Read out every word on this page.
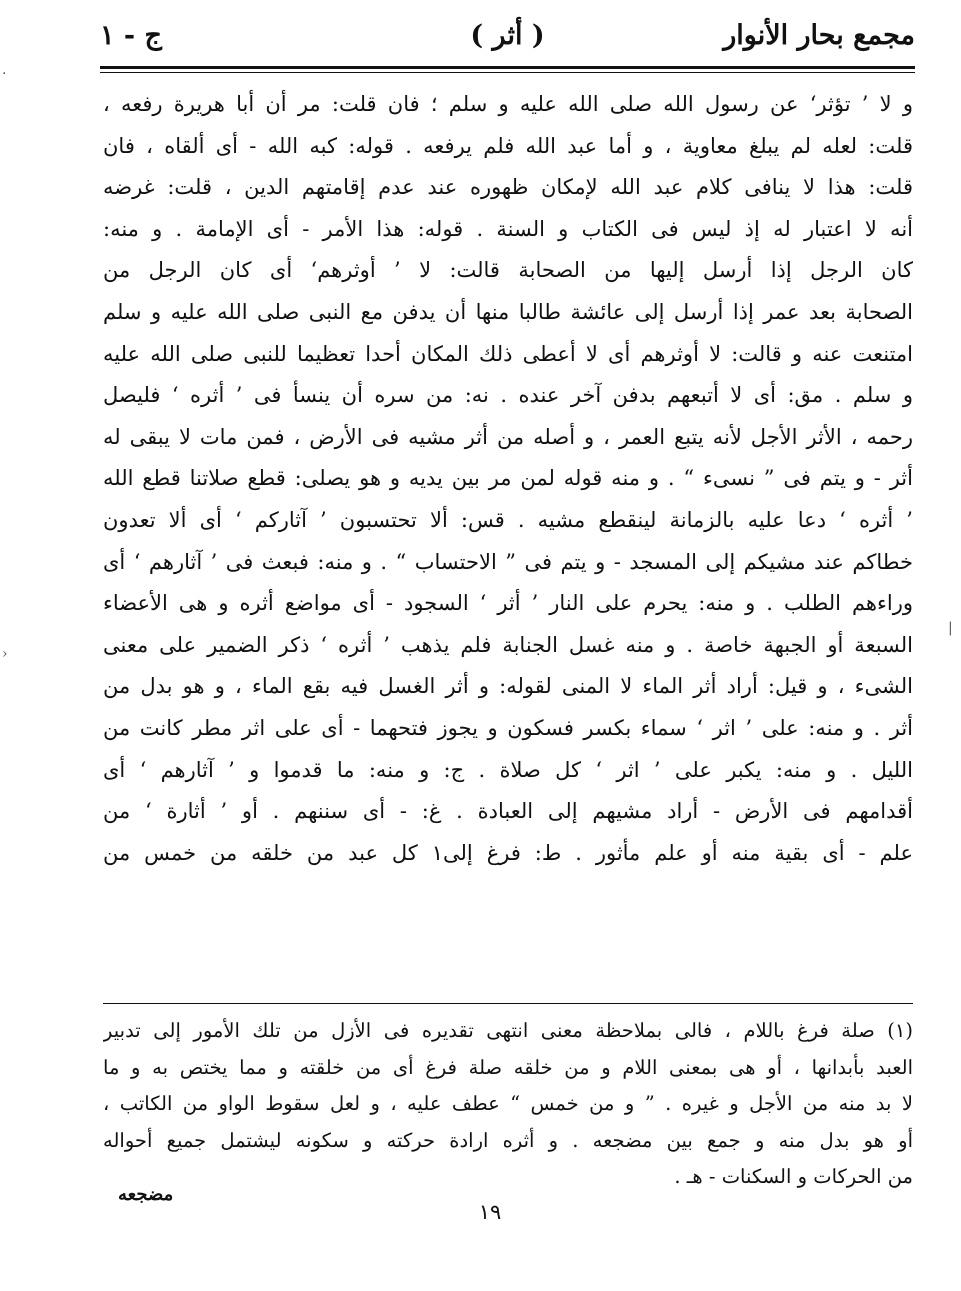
مجمع بحار الأنوار
( أثر )
ج - ١
و لا ’ تؤثر‘ عن رسول الله صلى الله عليه و سلم ؛ فان قلت: مر أن أبا هريرة رفعه ،
قلت: لعله لم يبلغ معاوية ، و أما عبد الله فلم يرفعه . قوله: كبه الله - أى ألقاه ، فان
قلت: هذا لا ينافى كلام عبد الله لإمكان ظهوره عند عدم إقامتهم الدين ، قلت: غرضه
أنه لا اعتبار له إذ ليس فى الكتاب و السنة . قوله: هذا الأمر - أى الإمامة . و منه:
كان الرجل إذا أرسل إليها من الصحابة قالت: لا ’ أوثرهم‘ أى كان الرجل من
الصحابة بعد عمر إذا أرسل إلى عائشة طالبا منها أن يدفن مع النبى صلى الله عليه و سلم
امتنعت عنه و قالت: لا أوثرهم أى لا أعطى ذلك المكان أحدا تعظيما للنبى صلى الله عليه
و سلم . مق: أى لا أتبعهم بدفن آخر عنده . نه: من سره أن ينسأ فى ’ أثره ‘ فليصل
رحمه ، الأثر الأجل لأنه يتبع العمر ، و أصله من أثر مشيه فى الأرض ، فمن مات لا يبقى له
أثر - و يتم فى ” نسىء “ . و منه قوله لمن مر بين يديه و هو يصلى: قطع صلاتنا قطع الله
’ أثره ‘ دعا عليه بالزمانة لينقطع مشيه . قس: ألا تحتسبون ’ آثاركم ‘ أى ألا تعدون
خطاكم عند مشيكم إلى المسجد - و يتم فى ” الاحتساب “ . و منه: فبعث فى ’ آثارهم ‘ أى
وراءهم الطلب . و منه: يحرم على النار ’ أثر ‘ السجود - أى مواضع أثره و هى الأعضاء
السبعة أو الجبهة خاصة . و منه غسل الجنابة فلم يذهب ’ أثره ‘ ذكر الضمير على معنى
الشىء ، و قيل: أراد أثر الماء لا المنى لقوله: و أثر الغسل فيه بقع الماء ، و هو بدل من
أثر . و منه: على ’ اثر ‘ سماء بكسر فسكون و يجوز فتحهما - أى على اثر مطر كانت من
الليل . و منه: يكبر على ’ اثر ‘ كل صلاة . ج: و منه: ما قدموا و ’ آثارهم ‘ أى
أقدامهم فى الأرض - أراد مشيهم إلى العبادة . غ: - أى سننهم . أو ’ أثارة ‘ من
علم - أى بقية منه أو علم مأثور . ط: فرغ إلى١ كل عبد من خلقه من خمس من
(١) صلة فرغ باللام ، فالى بملاحظة معنى انتهى تقديره فى الأزل من تلك الأمور إلى تدبير
العبد بأبدانها ، أو هى بمعنى اللام و من خلقه صلة فرغ أى من خلقته و مما يختص به و ما
لا بد منه من الأجل و غيره . ” و من خمس “ عطف عليه ، و لعل سقوط الواو من الكاتب ،
أو هو بدل منه و جمع بين مضجعه . و أثره ارادة حركته و سكونه ليشتمل جميع أحواله
من الحركات و السكنات - هـ .
مضجعه
١٩
·
›
|
